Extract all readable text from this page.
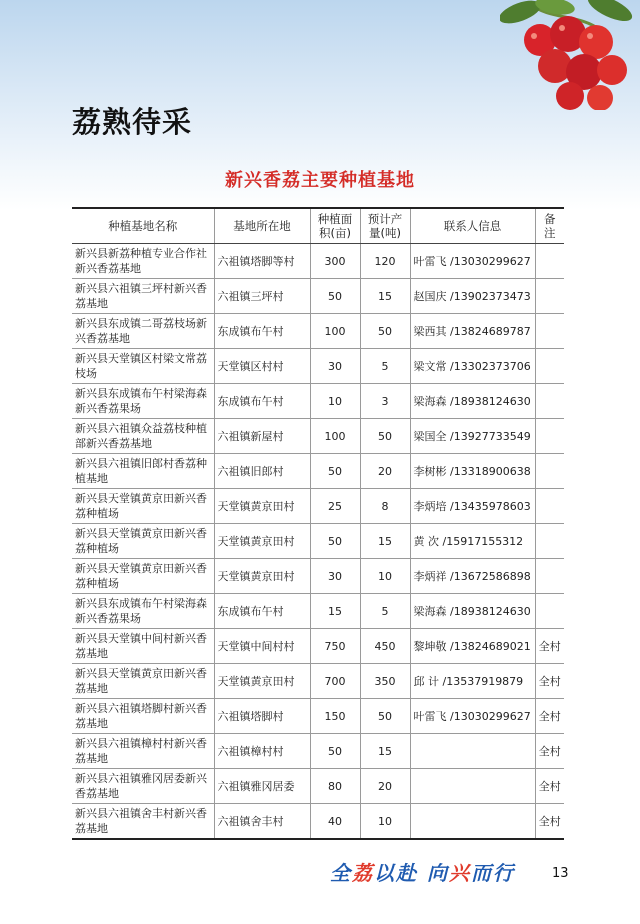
荔熟待采
新兴香荔主要种植基地
种植基地名称	基地所在地	种植面积(亩)	预计产量(吨)	联系人信息	备注
新兴县新荔种植专业合作社新兴香荔基地	六祖镇塔脚等村	300	120	叶雷飞 /13030299627	
新兴县六祖镇三坪村新兴香荔基地	六祖镇三坪村	50	15	赵国庆 /13902373473	
新兴县东成镇二哥荔枝场新兴香荔基地	东成镇布午村	100	50	梁西其 /13824689787	
新兴县天堂镇区村梁文常荔枝场	天堂镇区村村	30	5	梁文常 /13302373706	
新兴县东成镇布午村梁海森新兴香荔果场	东成镇布午村	10	3	梁海森 /18938124630	
新兴县六祖镇众益荔枝种植部新兴香荔基地	六祖镇新屋村	100	50	梁国全 /13927733549	
新兴县六祖镇旧郎村香荔种植基地	六祖镇旧郎村	50	20	李树彬 /13318900638	
新兴县天堂镇黄京田新兴香荔种植场	天堂镇黄京田村	25	8	李炳培 /13435978603	
新兴县天堂镇黄京田新兴香荔种植场	天堂镇黄京田村	50	15	黄 次 /15917155312	
新兴县天堂镇黄京田新兴香荔种植场	天堂镇黄京田村	30	10	李炳祥 /13672586898	
新兴县东成镇布午村梁海森新兴香荔果场	东成镇布午村	15	5	梁海森 /18938124630	
新兴县天堂镇中间村新兴香荔基地	天堂镇中间村村	750	450	黎坤敬 /13824689021	全村
新兴县天堂镇黄京田新兴香荔基地	天堂镇黄京田村	700	350	邱 计 /13537919879	全村
新兴县六祖镇塔脚村新兴香荔基地	六祖镇塔脚村	150	50	叶雷飞 /13030299627	全村
新兴县六祖镇樟村村新兴香荔基地	六祖镇樟村村	50	15		全村
新兴县六祖镇雅冈居委新兴香荔基地	六祖镇雅冈居委	80	20		全村
新兴县六祖镇舍丰村新兴香荔基地	六祖镇舍丰村	40	10		全村
全荔以赴 向兴而行	13
